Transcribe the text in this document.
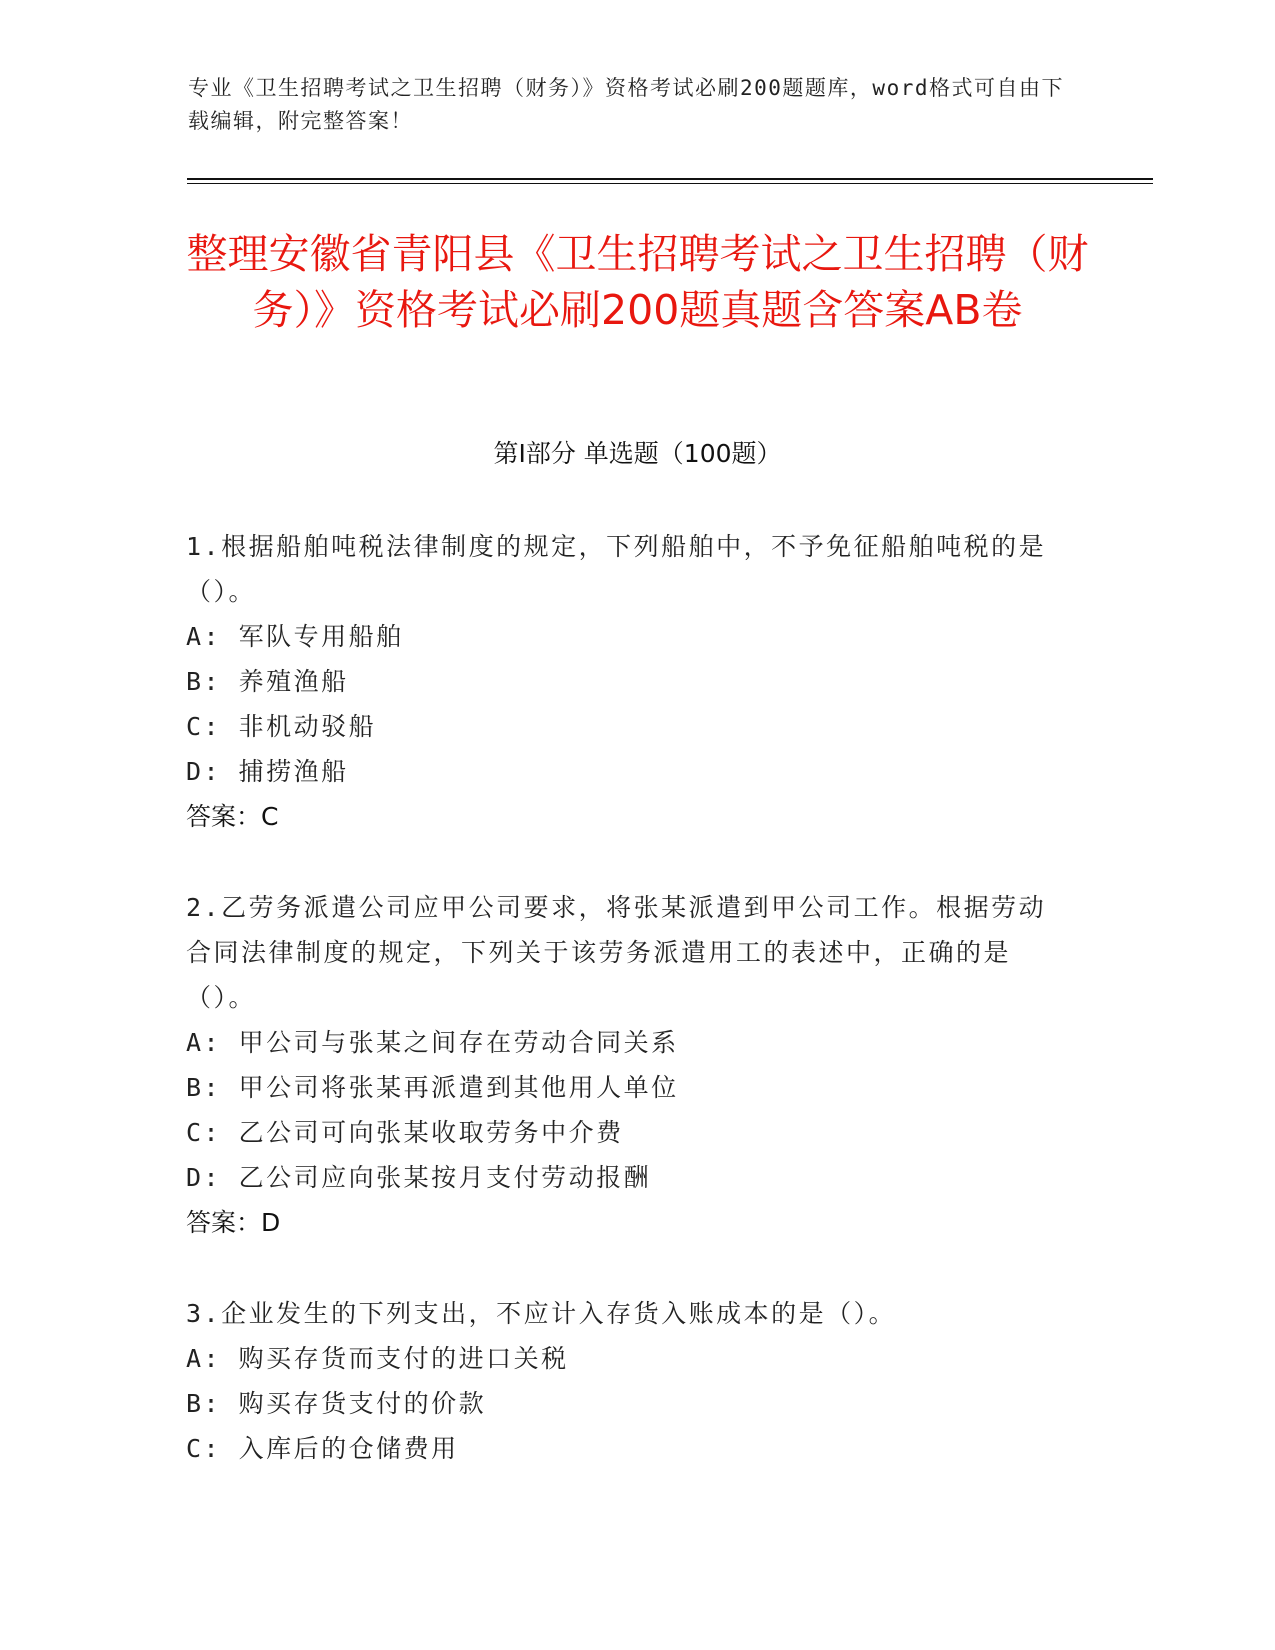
专业《卫生招聘考试之卫生招聘（财务）》资格考试必刷200题题库，word格式可自由下载编辑，附完整答案！
整理安徽省青阳县《卫生招聘考试之卫生招聘（财务）》资格考试必刷200题真题含答案AB卷
第Ⅰ部分 单选题（100题）
1.根据船舶吨税法律制度的规定，下列船舶中，不予免征船舶吨税的是（）。
A: 军队专用船舶
B: 养殖渔船
C: 非机动驳船
D: 捕捞渔船
答案：C
2.乙劳务派遣公司应甲公司要求，将张某派遣到甲公司工作。根据劳动合同法律制度的规定，下列关于该劳务派遣用工的表述中，正确的是（）。
A: 甲公司与张某之间存在劳动合同关系
B: 甲公司将张某再派遣到其他用人单位
C: 乙公司可向张某收取劳务中介费
D: 乙公司应向张某按月支付劳动报酬
答案：D
3.企业发生的下列支出，不应计入存货入账成本的是（）。
A: 购买存货而支付的进口关税
B: 购买存货支付的价款
C: 入库后的仓储费用
